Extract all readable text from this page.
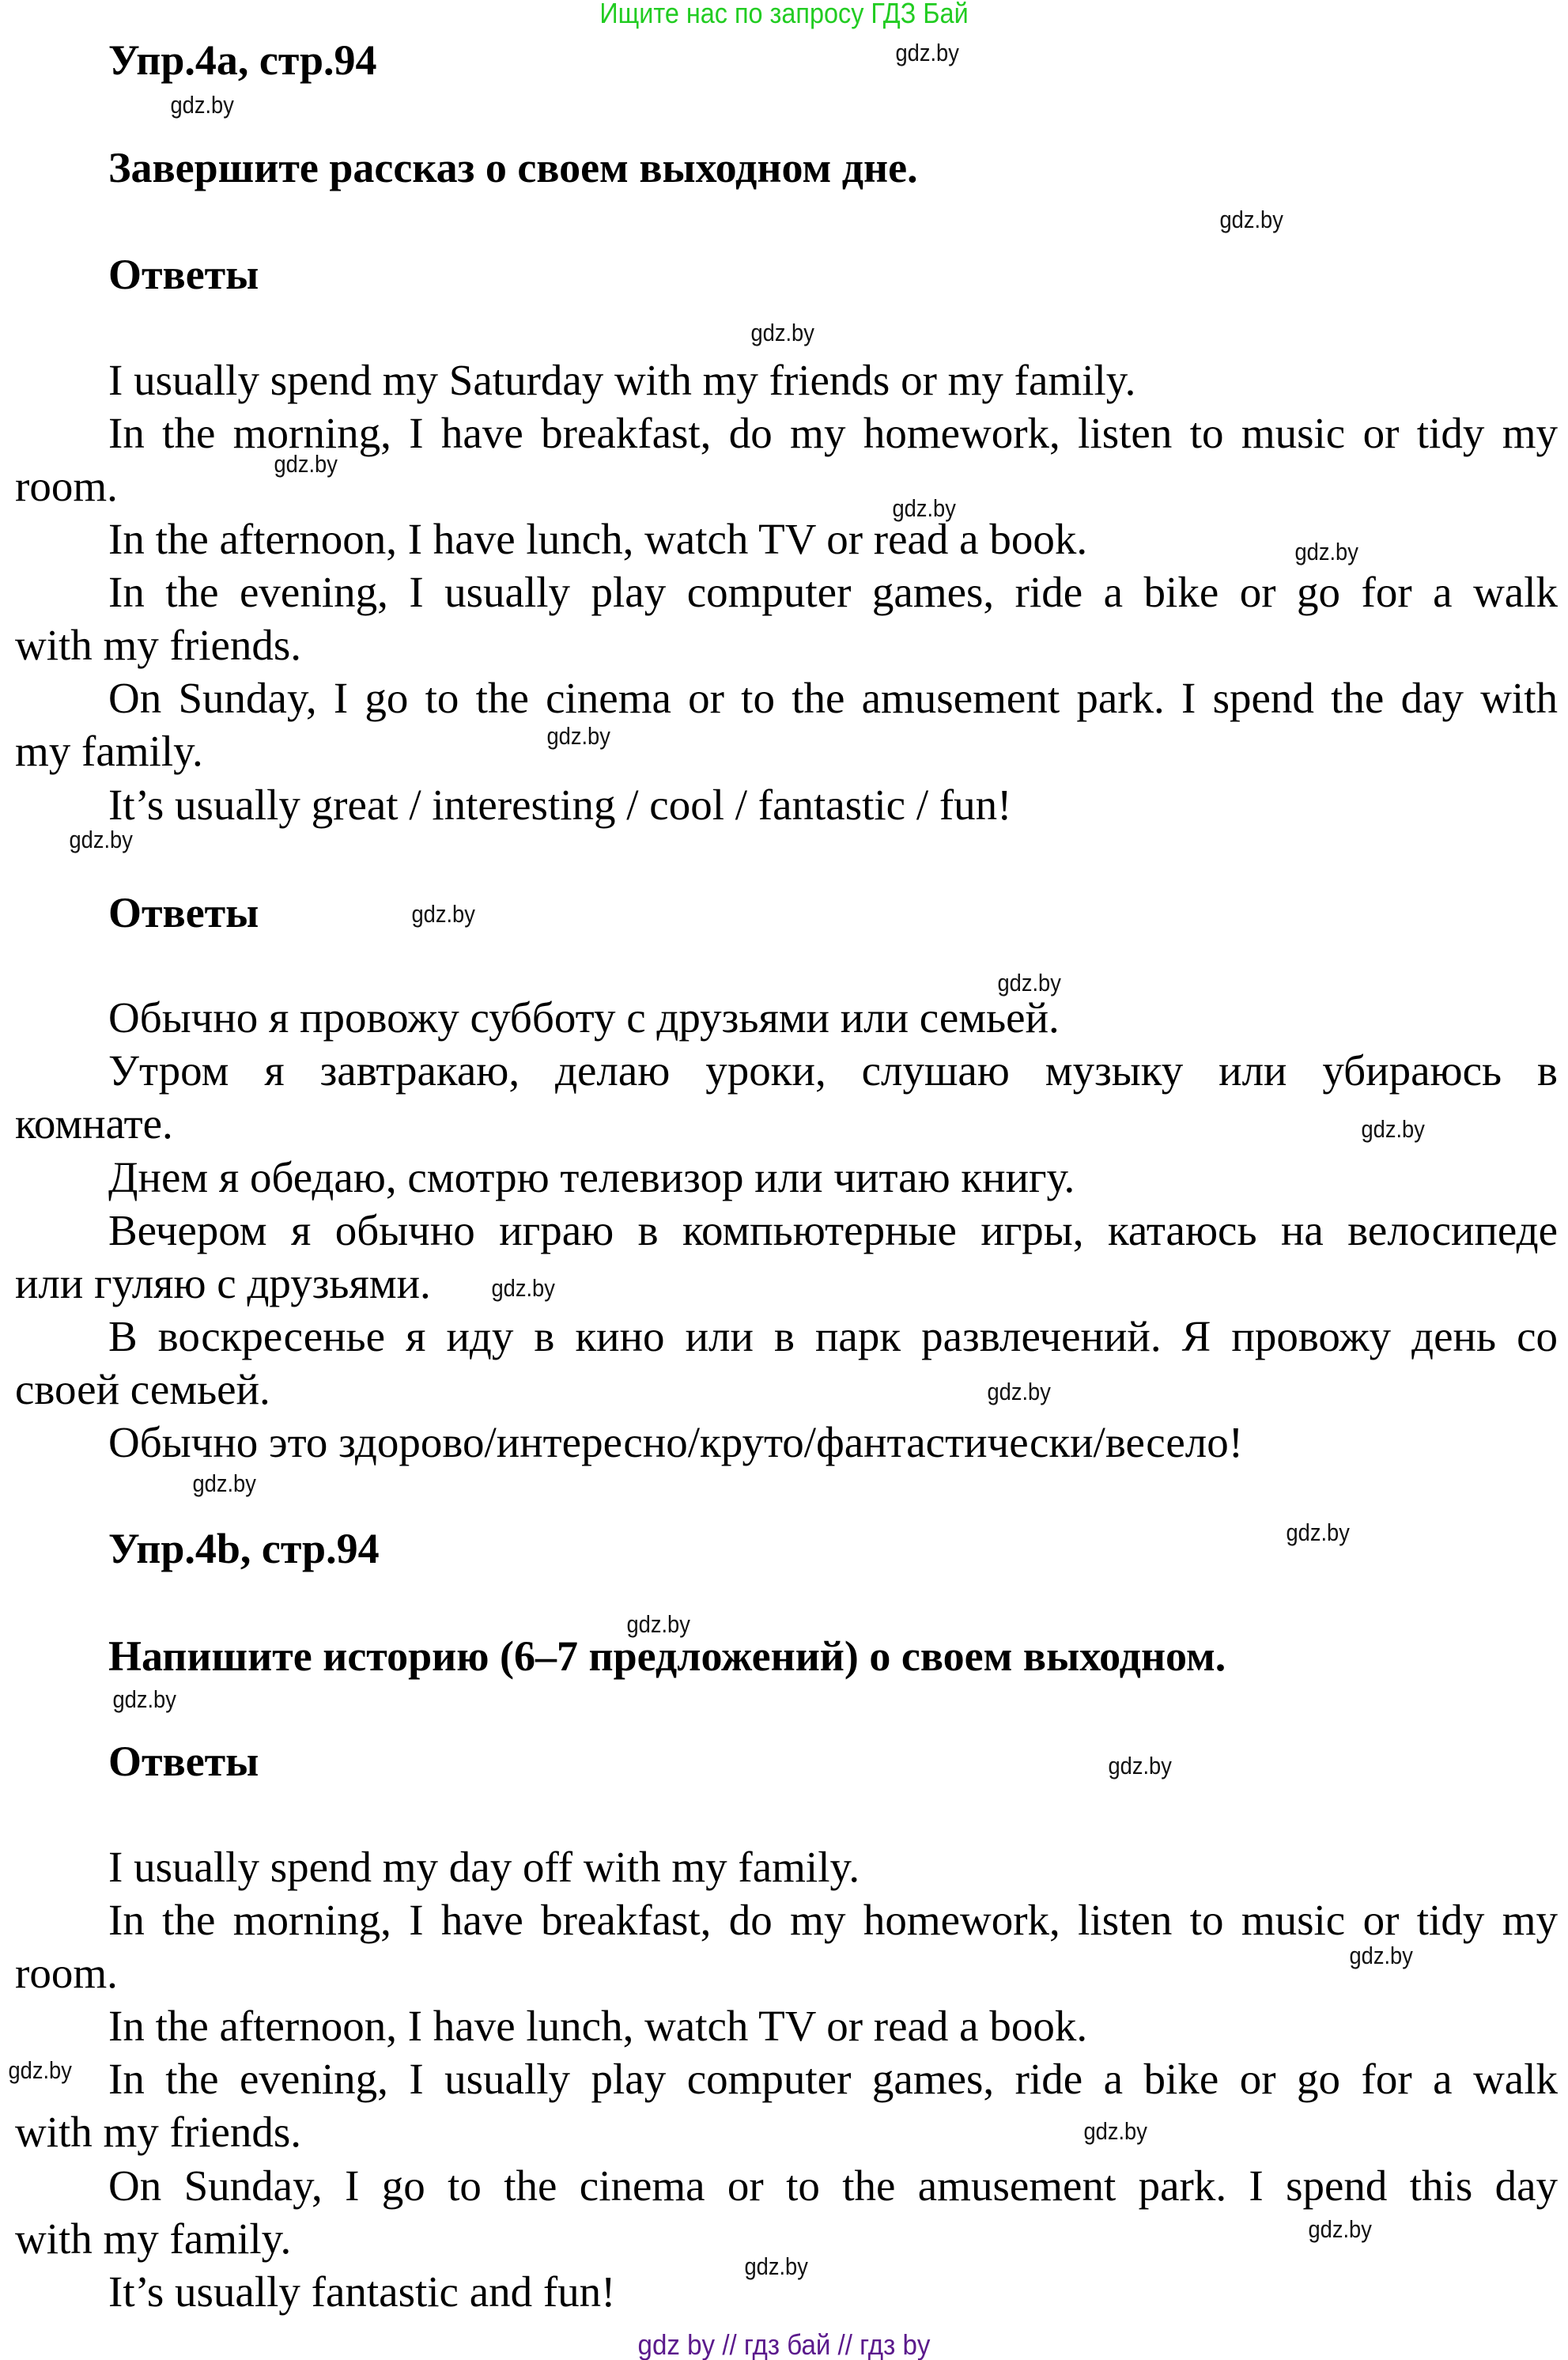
Ищите нас по запросу ГДЗ Бай
gdz by // гдз бай // гдз by
Упр.4a, стр.94
Завершите рассказ о своем выходном дне.
Ответы
Ответы
Упр.4b, стр.94
Напишите историю (6–7 предложений) о своем выходном.
Ответы
I usually spend my Saturday with my friends or my family.
In the morning, I have breakfast, do my homework, listen to music or tidy my
room.
In the afternoon, I have lunch, watch TV or read a book.
In the evening, I usually play computer games, ride a bike or go for a walk
with my friends.
On Sunday, I go to the cinema or to the amusement park. I spend the day with
my family.
It’s usually great / interesting / cool / fantastic / fun!
Обычно я провожу субботу с друзьями или семьей.
Утром я завтракаю, делаю уроки, слушаю музыку или убираюсь в
комнате.
Днем я обедаю, смотрю телевизор или читаю книгу.
Вечером я обычно играю в компьютерные игры, катаюсь на велосипеде
или гуляю с друзьями.
В воскресенье я иду в кино или в парк развлечений. Я провожу день со
своей семьей.
Обычно это здорово/интересно/круто/фантастически/весело!
I usually spend my day off with my family.
In the morning, I have breakfast, do my homework, listen to music or tidy my
room.
In the afternoon, I have lunch, watch TV or read a book.
In the evening, I usually play computer games, ride a bike or go for a walk
with my friends.
On Sunday, I go to the cinema or to the amusement park. I spend this day
with my family.
It’s usually fantastic and fun!
gdz.by
gdz.by
gdz.by
gdz.by
gdz.by
gdz.by
gdz.by
gdz.by
gdz.by
gdz.by
gdz.by
gdz.by
gdz.by
gdz.by
gdz.by
gdz.by
gdz.by
gdz.by
gdz.by
gdz.by
gdz.by
gdz.by
gdz.by
gdz.by
